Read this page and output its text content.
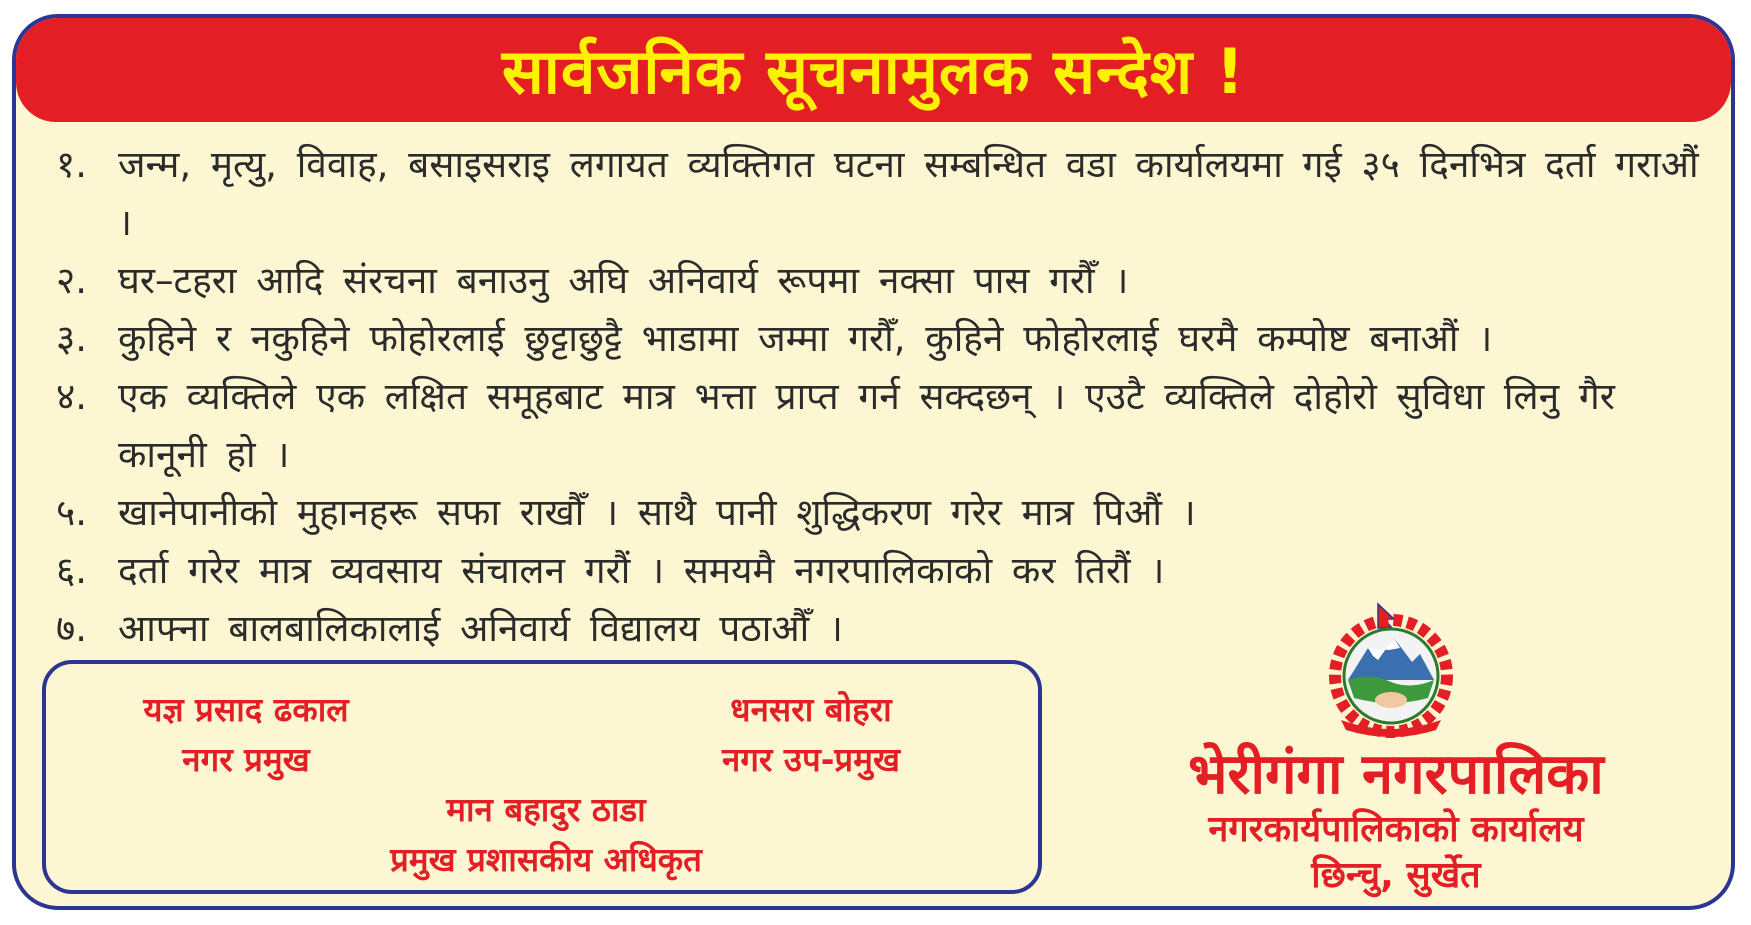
सार्वजनिक सूचनामुलक सन्देश !
१. जन्म, मृत्यु, विवाह, बसाइसराइ लगायत व्यक्तिगत घटना सम्बन्धित वडा कार्यालयमा गई ३५ दिनभित्र दर्ता गराऔं ।
२. घर–टहरा आदि संरचना बनाउनु अघि अनिवार्य रूपमा नक्सा पास गरौँ ।
३. कुहिने र नकुहिने फोहोरलाई छुट्टाछुट्टै भाडामा जम्मा गरौँ, कुहिने फोहोरलाई घरमै कम्पोष्ट बनाऔं ।
४. एक व्यक्तिले एक लक्षित समूहबाट मात्र भत्ता प्राप्त गर्न सक्दछन् । एउटै व्यक्तिले दोहोरो सुविधा लिनु गैर कानूनी हो ।
५. खानेपानीको मुहानहरू सफा राखौँ । साथै पानी शुद्धिकरण गरेर मात्र पिऔं ।
६. दर्ता गरेर मात्र व्यवसाय संचालन गरौं । समयमै नगरपालिकाको कर तिरौं ।
७. आफ्ना बालबालिकालाई अनिवार्य विद्यालय पठाऔँ ।
यज्ञ प्रसाद ढकाल
नगर प्रमुख
धनसरा बोहरा
नगर उप-प्रमुख
मान बहादुर ठाडा
प्रमुख प्रशासकीय अधिकृत
भेरीगंगा नगरपालिका
नगरकार्यपालिकाको कार्यालय
छिन्चु, सुर्खेत
